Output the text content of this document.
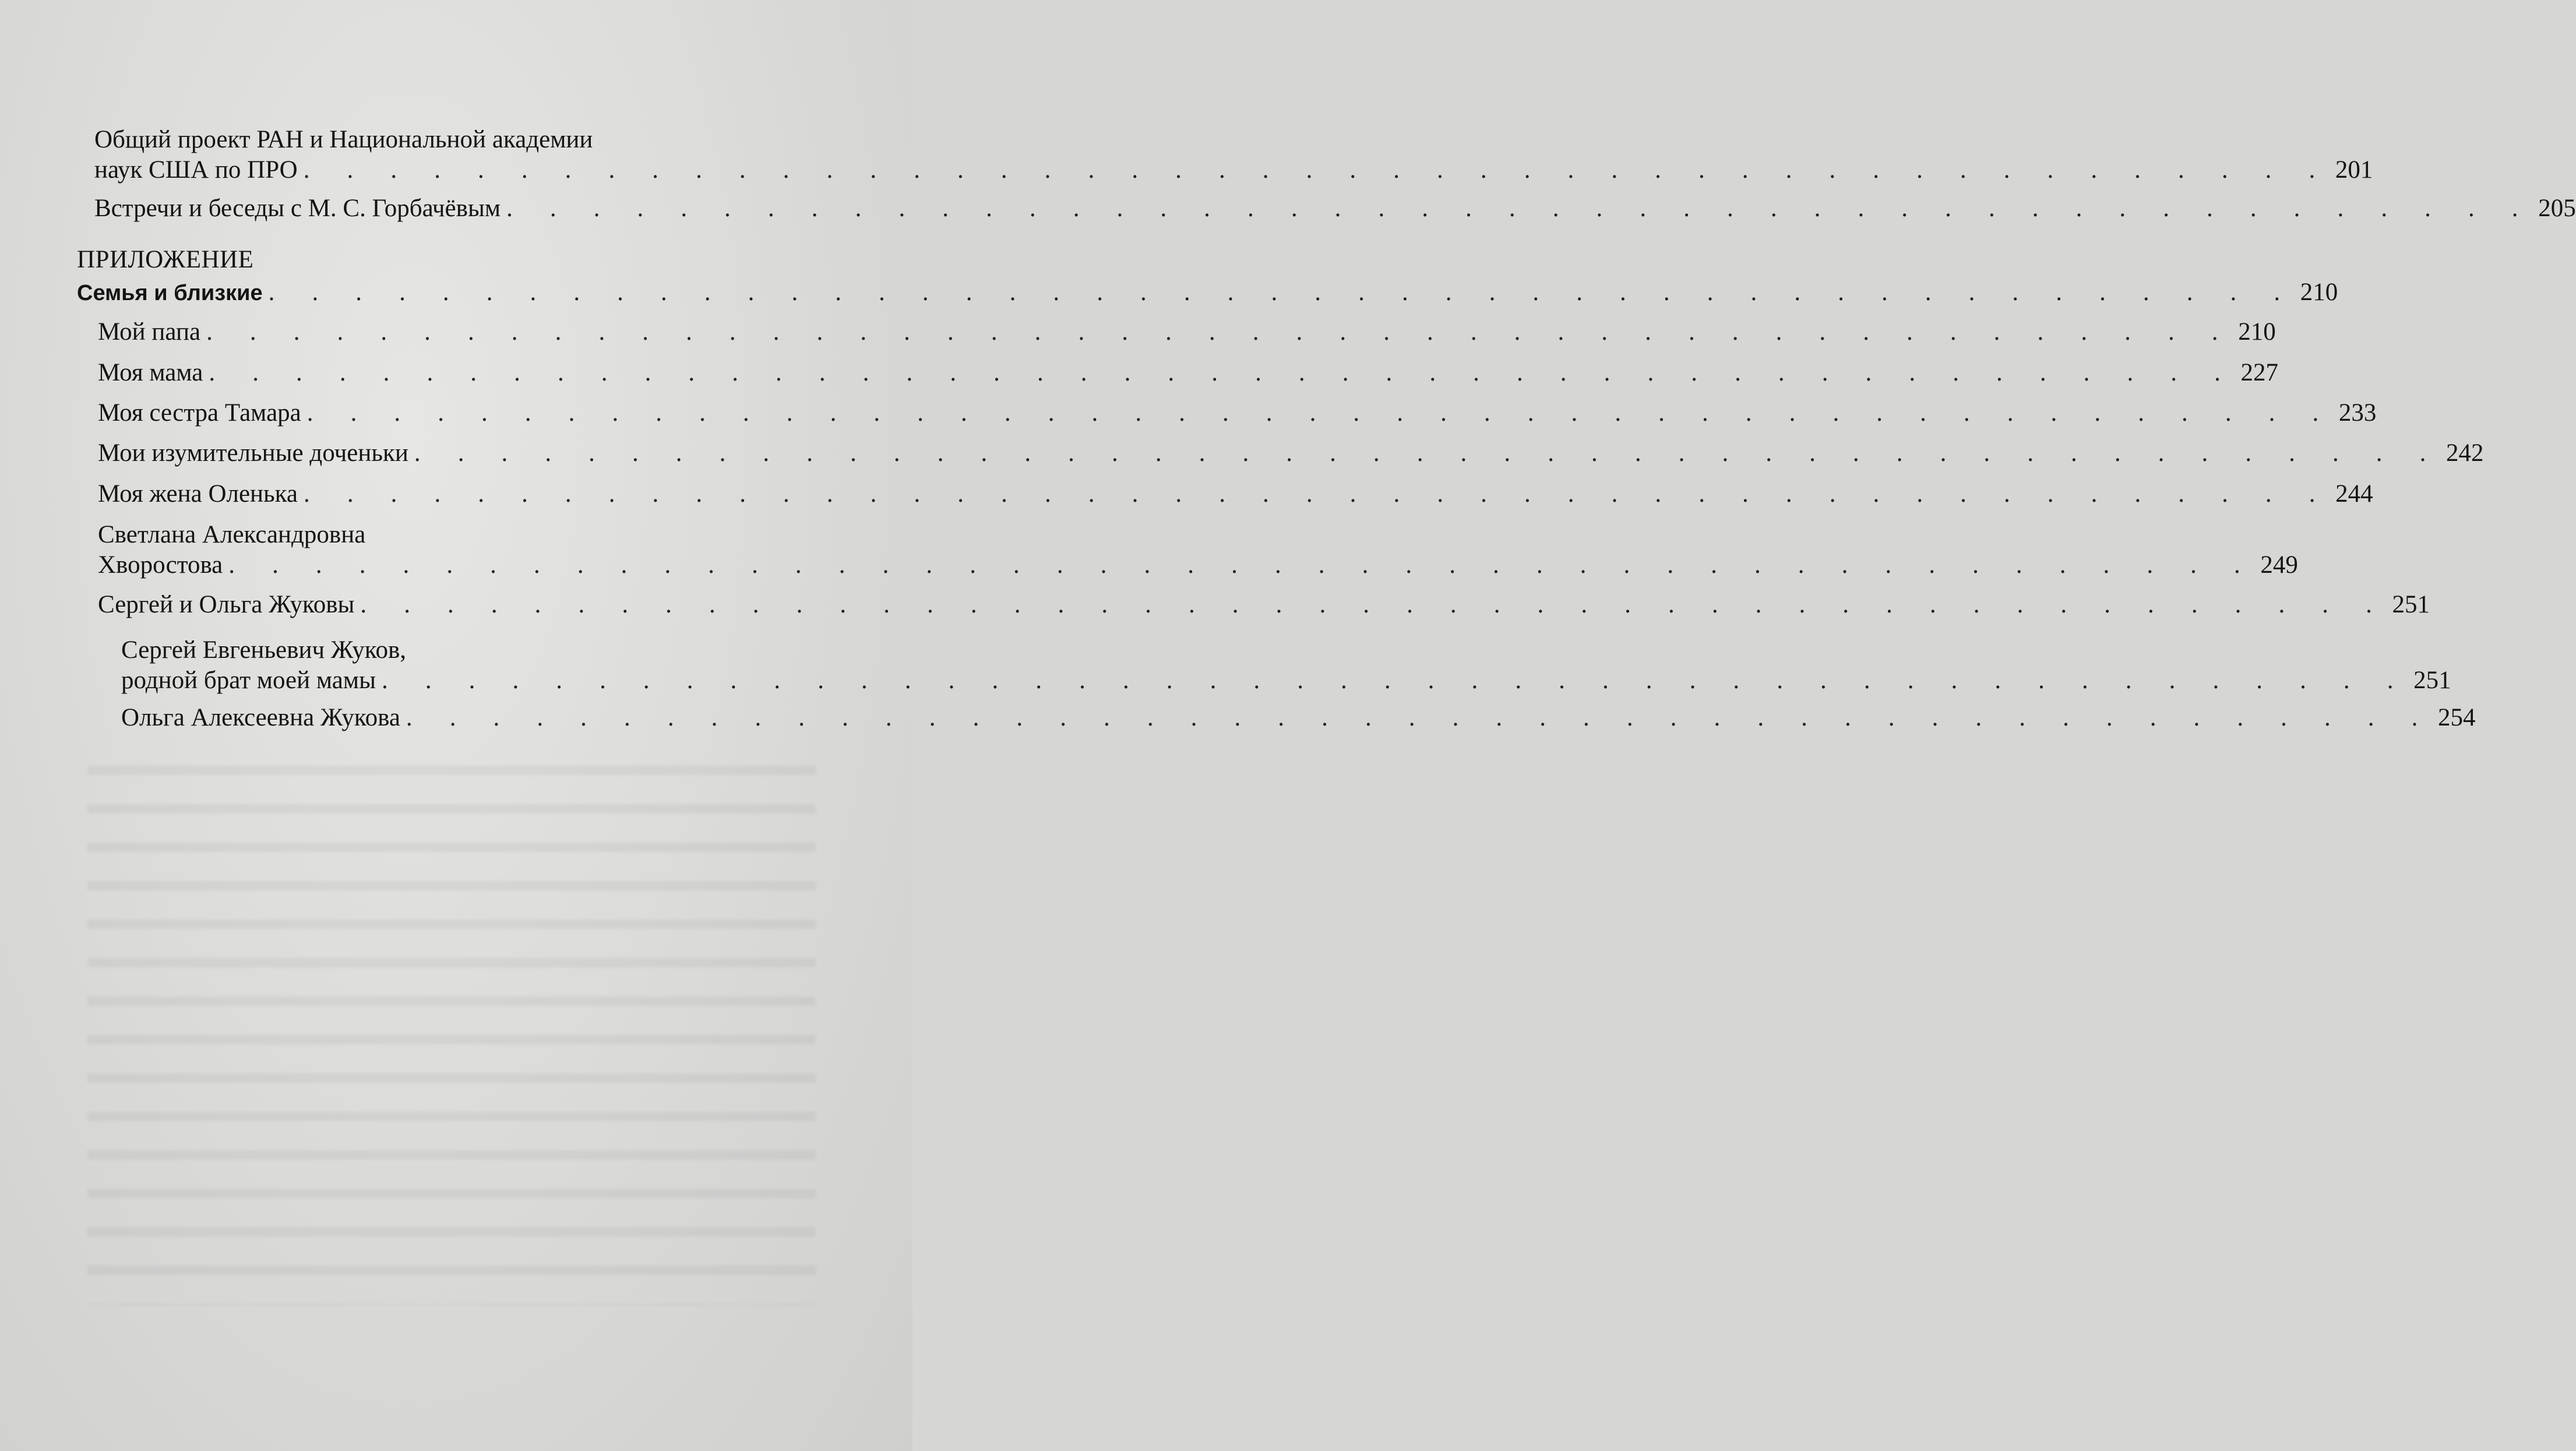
Общий проект РАН и Национальной академии
наук США по ПРО . . . . . . . . . . . . . . . . . . . . . . . . . . . . . . . . . . . . . . . . . . . . . . . 201
Встречи и беседы с М. С. Горбачёвым . . . . . . . . . . . . . . . . . . . . . . . . . . . . . . . . . . . . . . . . . . . . . . . 205
ПРИЛОЖЕНИЕ
Семья и близкие . . . . . . . . . . . . . . . . . . . . . . . . . . . . . . . . . . . . . . . . . . . . . . . 210
Мой папа . . . . . . . . . . . . . . . . . . . . . . . . . . . . . . . . . . . . . . . . . . . . . . . 210
Моя мама . . . . . . . . . . . . . . . . . . . . . . . . . . . . . . . . . . . . . . . . . . . . . . . 227
Моя сестра Тамара . . . . . . . . . . . . . . . . . . . . . . . . . . . . . . . . . . . . . . . . . . . . . . . 233
Мои изумительные доченьки . . . . . . . . . . . . . . . . . . . . . . . . . . . . . . . . . . . . . . . . . . . . . . . 242
Моя жена Оленька . . . . . . . . . . . . . . . . . . . . . . . . . . . . . . . . . . . . . . . . . . . . . . . 244
Светлана Александровна
Хворостова . . . . . . . . . . . . . . . . . . . . . . . . . . . . . . . . . . . . . . . . . . . . . . . 249
Сергей и Ольга Жуковы . . . . . . . . . . . . . . . . . . . . . . . . . . . . . . . . . . . . . . . . . . . . . . . 251
Сергей Евгеньевич Жуков,
родной брат моей мамы . . . . . . . . . . . . . . . . . . . . . . . . . . . . . . . . . . . . . . . . . . . . . . . 251
Ольга Алексеевна Жукова . . . . . . . . . . . . . . . . . . . . . . . . . . . . . . . . . . . . . . . . . . . . . . . 254
